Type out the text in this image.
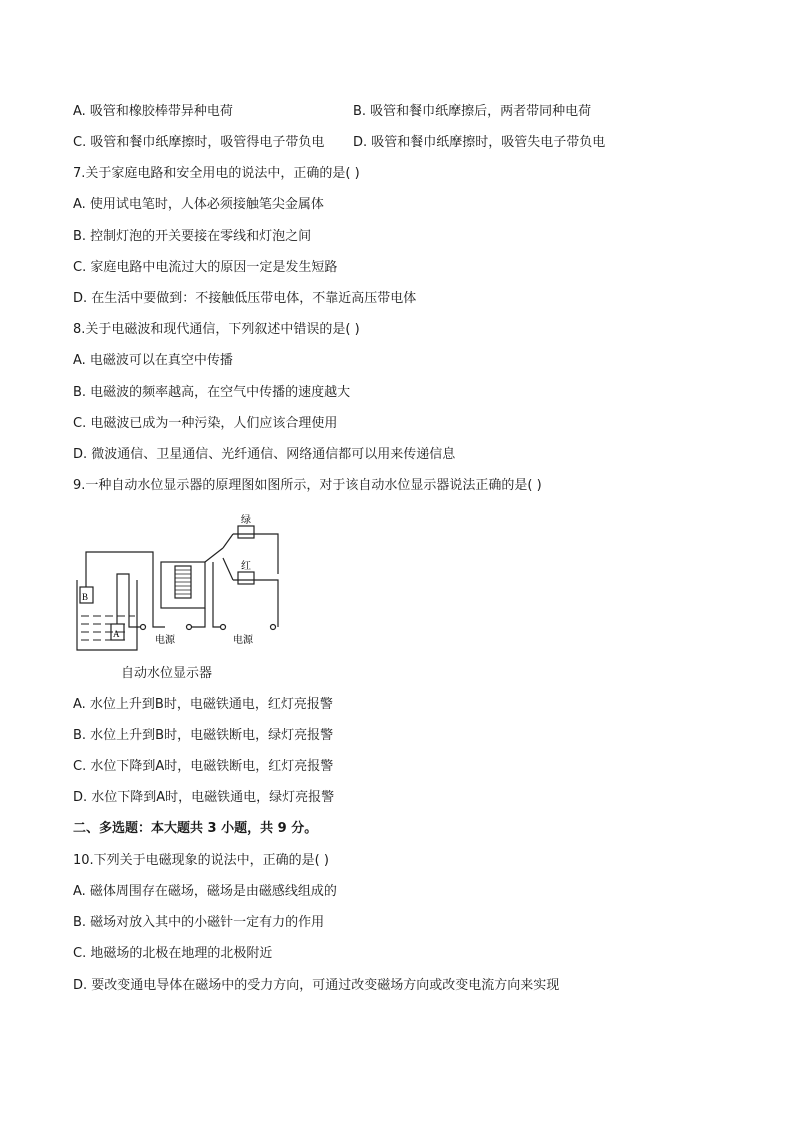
A. 吸管和橡胶棒带异种电荷	B. 吸管和餐巾纸摩擦后，两者带同种电荷
C. 吸管和餐巾纸摩擦时，吸管得电子带负电 D. 吸管和餐巾纸摩擦时，吸管失电子带负电
7.关于家庭电路和安全用电的说法中，正确的是( )
A. 使用试电笔时，人体必须接触笔尖金属体
B. 控制灯泡的开关要接在零线和灯泡之间
C. 家庭电路中电流过大的原因一定是发生短路
D. 在生活中要做到：不接触低压带电体，不靠近高压带电体
8.关于电磁波和现代通信，下列叙述中错误的是( )
A. 电磁波可以在真空中传播
B. 电磁波的频率越高，在空气中传播的速度越大
C. 电磁波已成为一种污染，人们应该合理使用
D. 微波通信、卫星通信、光纤通信、网络通信都可以用来传递信息
9.一种自动水位显示器的原理图如图所示，对于该自动水位显示器说法正确的是( )
B
A
绿
红
电源	电源
自动水位显示器
A. 水位上升到B时，电磁铁通电，红灯亮报警
B. 水位上升到B时，电磁铁断电，绿灯亮报警
C. 水位下降到A时，电磁铁断电，红灯亮报警
D. 水位下降到A时，电磁铁通电，绿灯亮报警
二、多选题：本大题共 3 小题，共 9 分。
10.下列关于电磁现象的说法中，正确的是( )
A. 磁体周围存在磁场，磁场是由磁感线组成的
B. 磁场对放入其中的小磁针一定有力的作用
C. 地磁场的北极在地理的北极附近
D. 要改变通电导体在磁场中的受力方向，可通过改变磁场方向或改变电流方向来实现
